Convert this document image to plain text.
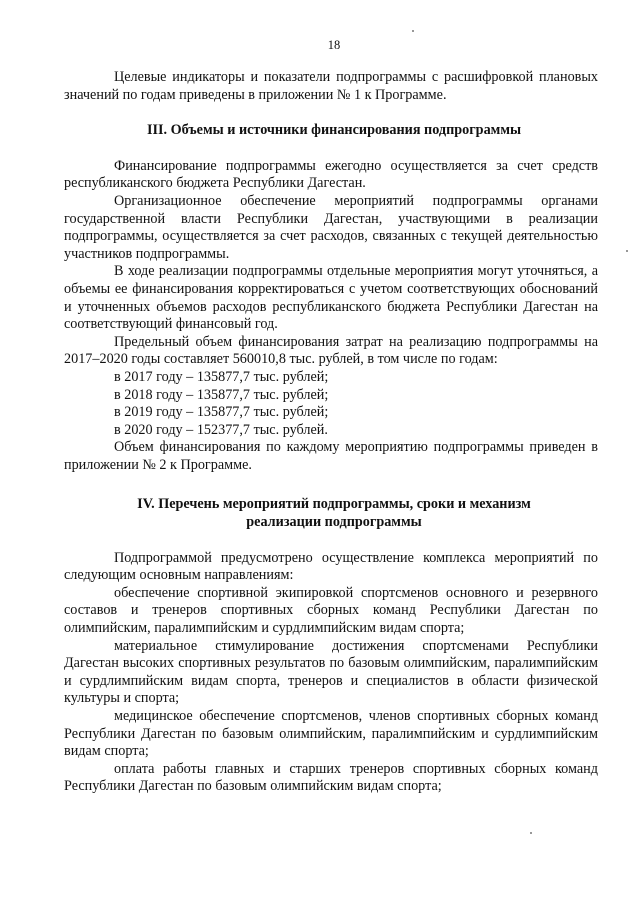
18

Целевые индикаторы и показатели подпрограммы с расшифровкой плановых значений по годам приведены в приложении № 1 к Программе.

III. Объемы и источники финансирования подпрограммы

Финансирование подпрограммы ежегодно осуществляется за счет средств республиканского бюджета Республики Дагестан.

Организационное обеспечение мероприятий подпрограммы органами государственной власти Республики Дагестан, участвующими в реализации подпрограммы, осуществляется за счет расходов, связанных с текущей деятельностью участников подпрограммы.

В ходе реализации подпрограммы отдельные мероприятия могут уточняться, а объемы ее финансирования корректироваться с учетом соответствующих обоснований и уточненных объемов расходов республиканского бюджета Республики Дагестан на соответствующий финансовый год.

Предельный объем финансирования затрат на реализацию подпрограммы на 2017–2020 годы составляет 560010,8 тыс. рублей, в том числе по годам:

в 2017 году – 135877,7 тыс. рублей;

в 2018 году – 135877,7 тыс. рублей;

в 2019 году – 135877,7 тыс. рублей;

в 2020 году – 152377,7 тыс. рублей.

Объем финансирования по каждому мероприятию подпрограммы приведен в приложении № 2 к Программе.

IV. Перечень мероприятий подпрограммы, сроки и механизм
реализации подпрограммы

Подпрограммой предусмотрено осуществление комплекса мероприятий по следующим основным направлениям:

обеспечение спортивной экипировкой спортсменов основного и резервного составов и тренеров спортивных сборных команд Республики Дагестан по олимпийским, паралимпийским и сурдлимпийским видам спорта;

материальное стимулирование достижения спортсменами Республики Дагестан высоких спортивных результатов по базовым олимпийским, паралимпийским и сурдлимпийским видам спорта, тренеров и специалистов в области физической культуры и спорта;

медицинское обеспечение спортсменов, членов спортивных сборных команд Республики Дагестан по базовым олимпийским, паралимпийским и сурдлимпийским видам спорта;

оплата работы главных и старших тренеров спортивных сборных команд Республики Дагестан по базовым олимпийским видам спорта;
